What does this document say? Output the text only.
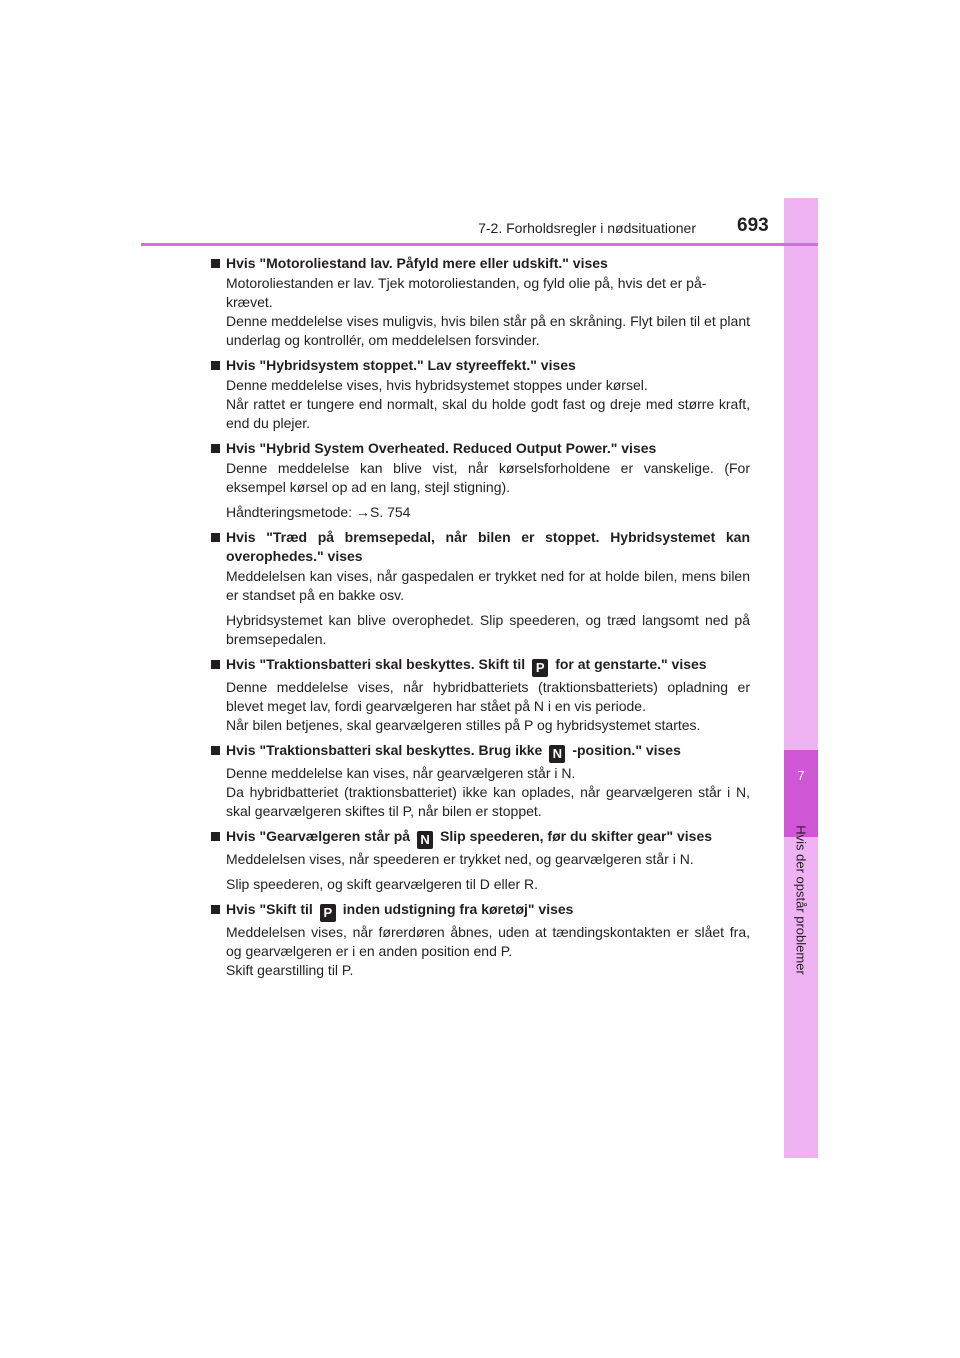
7
Hvis der opstår problemer
7-2. Forholdsregler i nødsituationer 693
Hvis "Motoroliestand lav. Påfyld mere eller udskift." vises
Motoroliestanden er lav. Tjek motoroliestanden, og fyld olie på, hvis det er på-
krævet.
Denne meddelelse vises muligvis, hvis bilen står på en skråning. Flyt bilen til et plant underlag og kontrollér, om meddelelsen forsvinder.
Hvis "Hybridsystem stoppet." Lav styreeffekt." vises
Denne meddelelse vises, hvis hybridsystemet stoppes under kørsel.
Når rattet er tungere end normalt, skal du holde godt fast og dreje med større kraft, end du plejer.
Hvis "Hybrid System Overheated. Reduced Output Power." vises
Denne meddelelse kan blive vist, når kørselsforholdene er vanskelige. (For eksempel kørsel op ad en lang, stejl stigning).
Håndteringsmetode: →S. 754
Hvis "Træd på bremsepedal, når bilen er stoppet. Hybridsystemet kan overophedes." vises
Meddelelsen kan vises, når gaspedalen er trykket ned for at holde bilen, mens bilen er standset på en bakke osv.
Hybridsystemet kan blive overophedet. Slip speederen, og træd langsomt ned på bremsepedalen.
Hvis "Traktionsbatteri skal beskyttes. Skift til P for at genstarte." vises
Denne meddelelse vises, når hybridbatteriets (traktionsbatteriets) opladning er blevet meget lav, fordi gearvælgeren har stået på N i en vis periode.
Når bilen betjenes, skal gearvælgeren stilles på P og hybridsystemet startes.
Hvis "Traktionsbatteri skal beskyttes. Brug ikke N -position." vises
Denne meddelelse kan vises, når gearvælgeren står i N.
Da hybridbatteriet (traktionsbatteriet) ikke kan oplades, når gearvælgeren står i N, skal gearvælgeren skiftes til P, når bilen er stoppet.
Hvis "Gearvælgeren står på N Slip speederen, før du skifter gear" vises
Meddelelsen vises, når speederen er trykket ned, og gearvælgeren står i N.
Slip speederen, og skift gearvælgeren til D eller R.
Hvis "Skift til P inden udstigning fra køretøj" vises
Meddelelsen vises, når førerdøren åbnes, uden at tændingskontakten er slået fra, og gearvælgeren er i en anden position end P.
Skift gearstilling til P.
